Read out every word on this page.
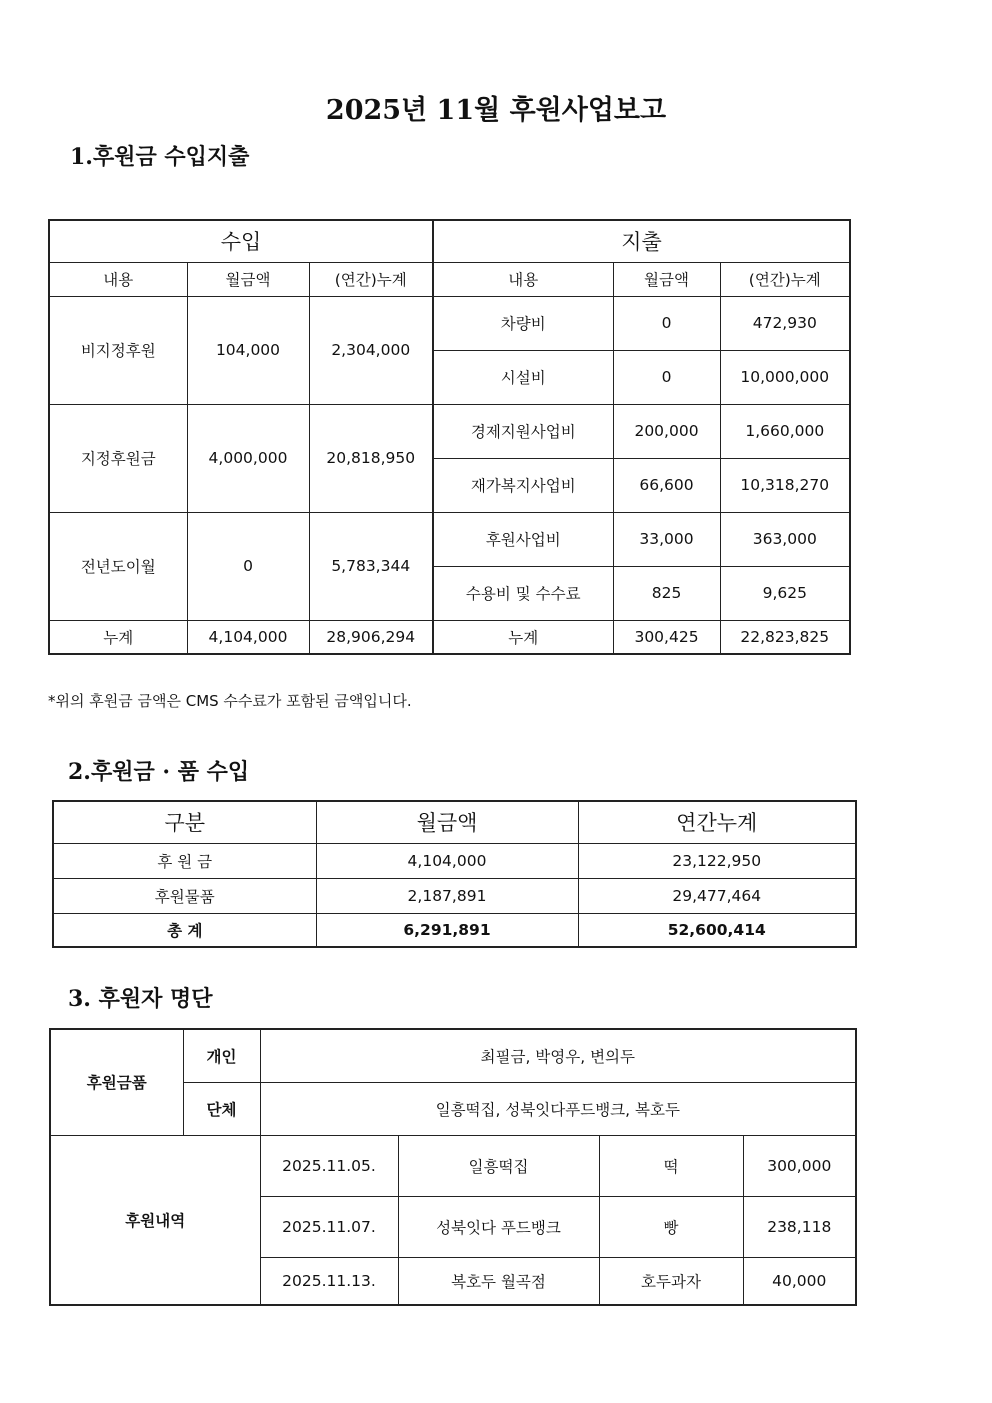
2025년 11월 후원사업보고
1.후원금 수입지출
수입			지출		
내용	월금액	(연간)누계	내용	월금액	(연간)누계
비지정후원	104,000	2,304,000	차량비	0	472,930
			시설비	0	10,000,000
지정후원금	4,000,000	20,818,950	경제지원사업비	200,000	1,660,000
			재가복지사업비	66,600	10,318,270
전년도이월	0	5,783,344	후원사업비	33,000	363,000
			수용비 및 수수료	825	9,625
누계	4,104,000	28,906,294	누계	300,425	22,823,825
*위의 후원금 금액은 CMS 수수료가 포함된 금액입니다.
2.후원금 · 품 수입
구분	월금액	연간누계
후 원 금	4,104,000	23,122,950
후원물품	2,187,891	29,477,464
총 계	6,291,891	52,600,414
3. 후원자 명단
후원금품	개인	최필금, 박영우, 변의두			
	단체	일흥떡집, 성북잇다푸드뱅크, 복호두			
후원내역		2025.11.05.	일흥떡집	떡	300,000
		2025.11.07.	성북잇다 푸드뱅크	빵	238,118
		2025.11.13.	복호두 월곡점	호두과자	40,000
